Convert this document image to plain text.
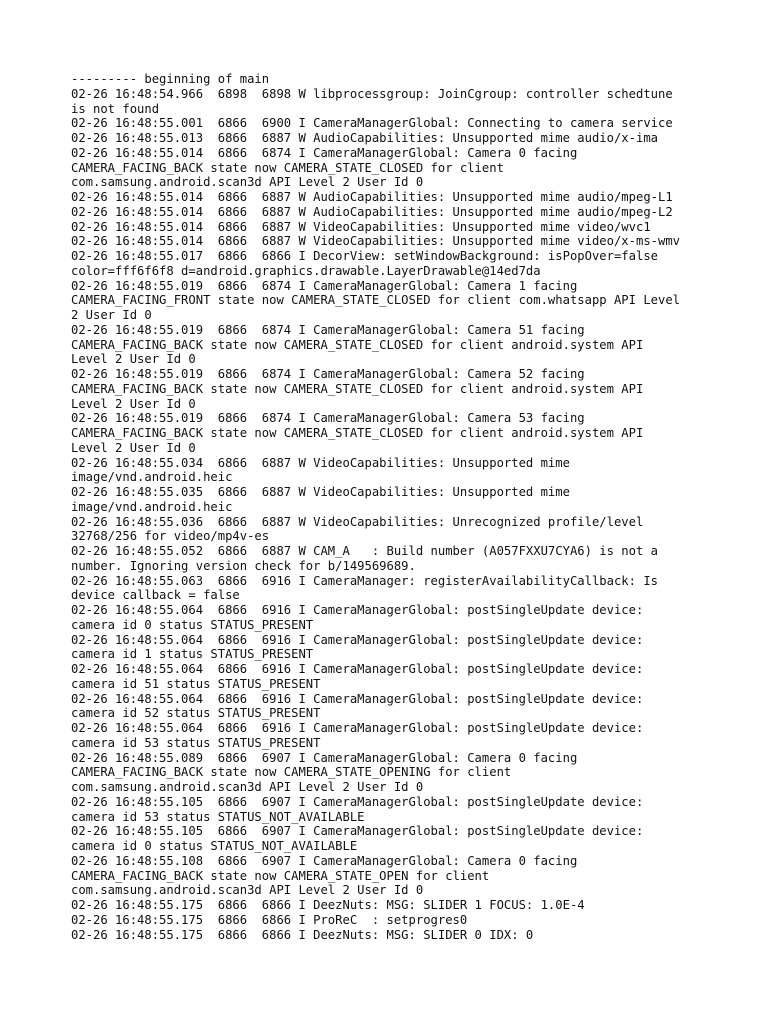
--------- beginning of main
02-26 16:48:54.966  6898  6898 W libprocessgroup: JoinCgroup: controller schedtune
is not found
02-26 16:48:55.001  6866  6900 I CameraManagerGlobal: Connecting to camera service
02-26 16:48:55.013  6866  6887 W AudioCapabilities: Unsupported mime audio/x-ima
02-26 16:48:55.014  6866  6874 I CameraManagerGlobal: Camera 0 facing
CAMERA_FACING_BACK state now CAMERA_STATE_CLOSED for client
com.samsung.android.scan3d API Level 2 User Id 0
02-26 16:48:55.014  6866  6887 W AudioCapabilities: Unsupported mime audio/mpeg-L1
02-26 16:48:55.014  6866  6887 W AudioCapabilities: Unsupported mime audio/mpeg-L2
02-26 16:48:55.014  6866  6887 W VideoCapabilities: Unsupported mime video/wvc1
02-26 16:48:55.014  6866  6887 W VideoCapabilities: Unsupported mime video/x-ms-wmv
02-26 16:48:55.017  6866  6866 I DecorView: setWindowBackground: isPopOver=false
color=fff6f6f8 d=android.graphics.drawable.LayerDrawable@14ed7da
02-26 16:48:55.019  6866  6874 I CameraManagerGlobal: Camera 1 facing
CAMERA_FACING_FRONT state now CAMERA_STATE_CLOSED for client com.whatsapp API Level
2 User Id 0
02-26 16:48:55.019  6866  6874 I CameraManagerGlobal: Camera 51 facing
CAMERA_FACING_BACK state now CAMERA_STATE_CLOSED for client android.system API
Level 2 User Id 0
02-26 16:48:55.019  6866  6874 I CameraManagerGlobal: Camera 52 facing
CAMERA_FACING_BACK state now CAMERA_STATE_CLOSED for client android.system API
Level 2 User Id 0
02-26 16:48:55.019  6866  6874 I CameraManagerGlobal: Camera 53 facing
CAMERA_FACING_BACK state now CAMERA_STATE_CLOSED for client android.system API
Level 2 User Id 0
02-26 16:48:55.034  6866  6887 W VideoCapabilities: Unsupported mime
image/vnd.android.heic
02-26 16:48:55.035  6866  6887 W VideoCapabilities: Unsupported mime
image/vnd.android.heic
02-26 16:48:55.036  6866  6887 W VideoCapabilities: Unrecognized profile/level
32768/256 for video/mp4v-es
02-26 16:48:55.052  6866  6887 W CAM_A   : Build number (A057FXXU7CYA6) is not a
number. Ignoring version check for b/149569689.
02-26 16:48:55.063  6866  6916 I CameraManager: registerAvailabilityCallback: Is
device callback = false
02-26 16:48:55.064  6866  6916 I CameraManagerGlobal: postSingleUpdate device:
camera id 0 status STATUS_PRESENT
02-26 16:48:55.064  6866  6916 I CameraManagerGlobal: postSingleUpdate device:
camera id 1 status STATUS_PRESENT
02-26 16:48:55.064  6866  6916 I CameraManagerGlobal: postSingleUpdate device:
camera id 51 status STATUS_PRESENT
02-26 16:48:55.064  6866  6916 I CameraManagerGlobal: postSingleUpdate device:
camera id 52 status STATUS_PRESENT
02-26 16:48:55.064  6866  6916 I CameraManagerGlobal: postSingleUpdate device:
camera id 53 status STATUS_PRESENT
02-26 16:48:55.089  6866  6907 I CameraManagerGlobal: Camera 0 facing
CAMERA_FACING_BACK state now CAMERA_STATE_OPENING for client
com.samsung.android.scan3d API Level 2 User Id 0
02-26 16:48:55.105  6866  6907 I CameraManagerGlobal: postSingleUpdate device:
camera id 53 status STATUS_NOT_AVAILABLE
02-26 16:48:55.105  6866  6907 I CameraManagerGlobal: postSingleUpdate device:
camera id 0 status STATUS_NOT_AVAILABLE
02-26 16:48:55.108  6866  6907 I CameraManagerGlobal: Camera 0 facing
CAMERA_FACING_BACK state now CAMERA_STATE_OPEN for client
com.samsung.android.scan3d API Level 2 User Id 0
02-26 16:48:55.175  6866  6866 I DeezNuts: MSG: SLIDER 1 FOCUS: 1.0E-4
02-26 16:48:55.175  6866  6866 I ProReC  : setprogres0
02-26 16:48:55.175  6866  6866 I DeezNuts: MSG: SLIDER 0 IDX: 0
